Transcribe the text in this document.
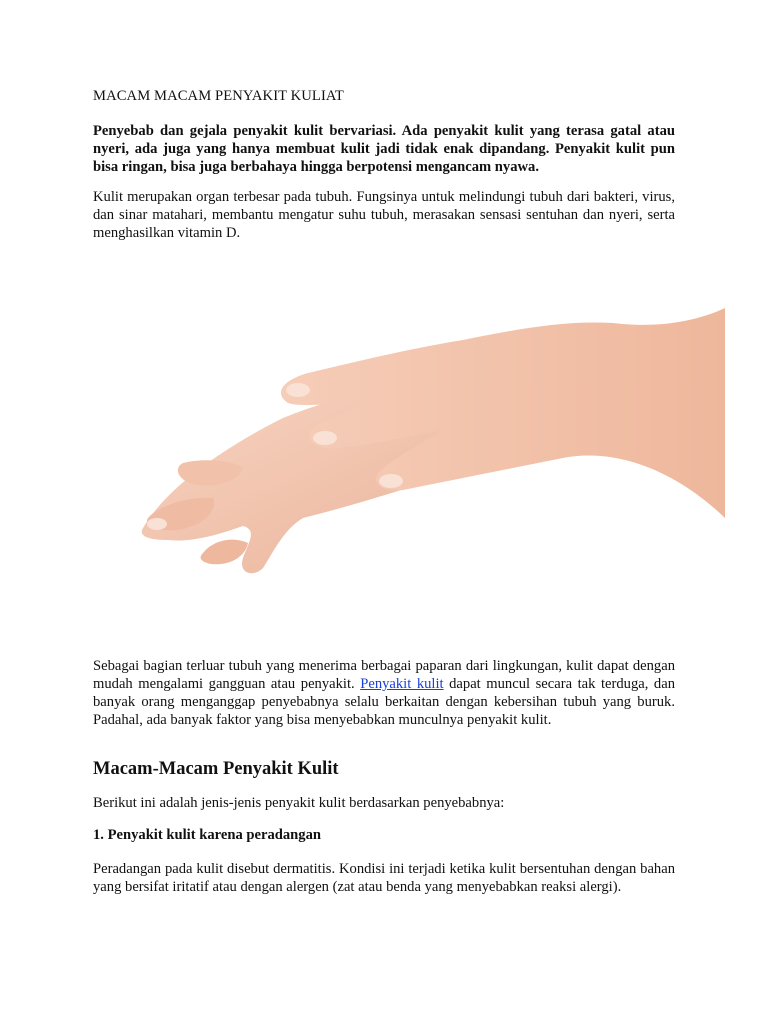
MACAM MACAM PENYAKIT KULIAT

Penyebab dan gejala penyakit kulit bervariasi. Ada penyakit kulit yang terasa gatal atau nyeri, ada juga yang hanya membuat kulit jadi tidak enak dipandang. Penyakit kulit pun bisa ringan, bisa juga berbahaya hingga berpotensi mengancam nyawa.

Kulit merupakan organ terbesar pada tubuh. Fungsinya untuk melindungi tubuh dari bakteri, virus, dan sinar matahari, membantu mengatur suhu tubuh, merasakan sensasi sentuhan dan nyeri, serta menghasilkan vitamin D.

Sebagai bagian terluar tubuh yang menerima berbagai paparan dari lingkungan, kulit dapat dengan mudah mengalami gangguan atau penyakit. Penyakit kulit dapat muncul secara tak terduga, dan banyak orang menganggap penyebabnya selalu berkaitan dengan kebersihan tubuh yang buruk. Padahal, ada banyak faktor yang bisa menyebabkan munculnya penyakit kulit.

Macam-Macam Penyakit Kulit

Berikut ini adalah jenis-jenis penyakit kulit berdasarkan penyebabnya:

1. Penyakit kulit karena peradangan

Peradangan pada kulit disebut dermatitis. Kondisi ini terjadi ketika kulit bersentuhan dengan bahan yang bersifat iritatif atau dengan alergen (zat atau benda yang menyebabkan reaksi alergi).
